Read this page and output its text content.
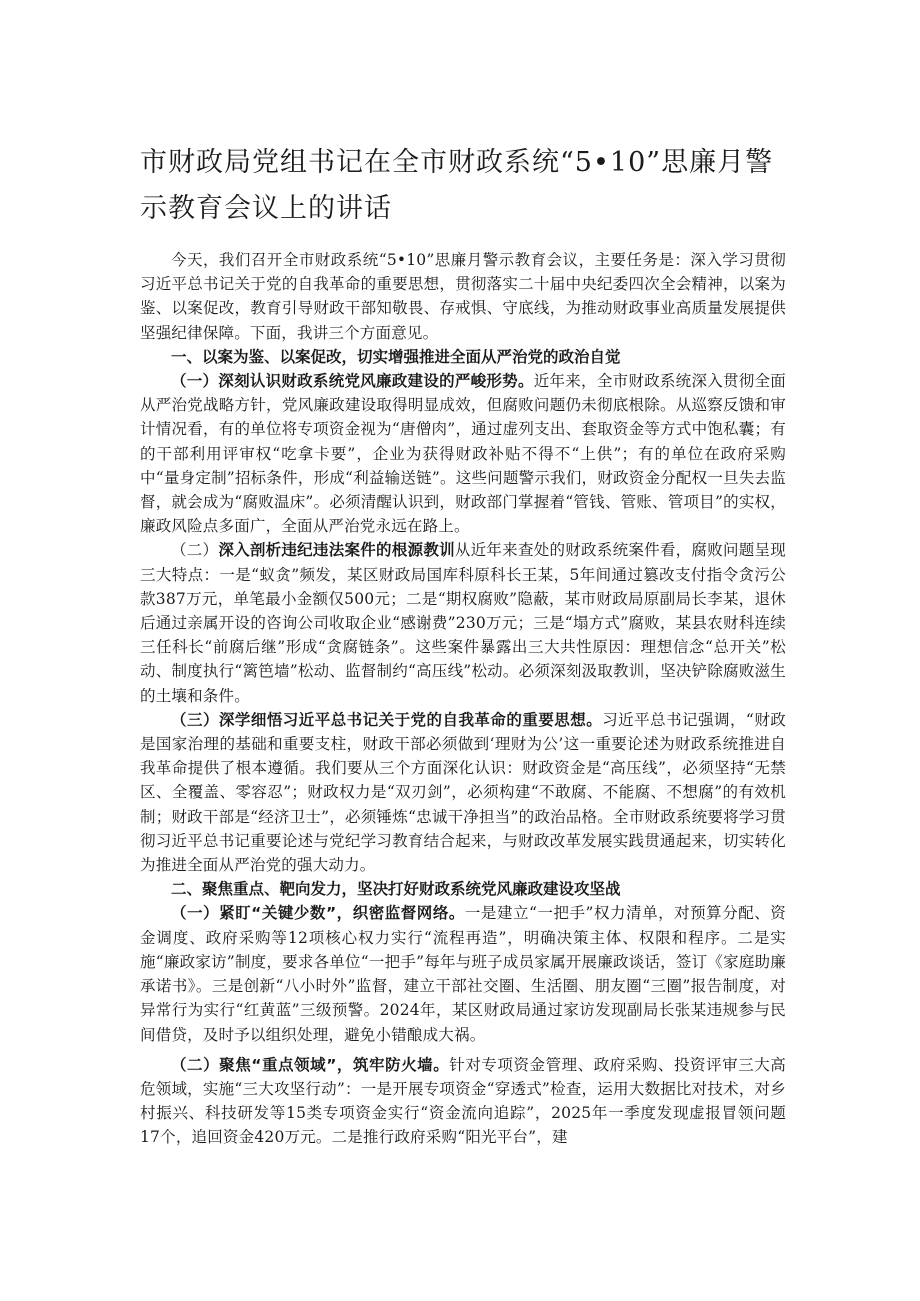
市财政局党组书记在全市财政系统“5•10”思廉月警示教育会议上的讲话

今天，我们召开全市财政系统“5•10”思廉月警示教育会议，主要任务是：深入学习贯彻习近平总书记关于党的自我革命的重要思想，贯彻落实二十届中央纪委四次全会精神，以案为鉴、以案促改，教育引导财政干部知敬畏、存戒惧、守底线，为推动财政事业高质量发展提供坚强纪律保障。下面，我讲三个方面意见。

一、以案为鉴、以案促改，切实增强推进全面从严治党的政治自觉

（一）深刻认识财政系统党风廉政建设的严峻形势。近年来，全市财政系统深入贯彻全面从严治党战略方针，党风廉政建设取得明显成效，但腐败问题仍未彻底根除。从巡察反馈和审计情况看，有的单位将专项资金视为“唐僧肉”，通过虚列支出、套取资金等方式中饱私囊；有的干部利用评审权“吃拿卡要”，企业为获得财政补贴不得不“上供”；有的单位在政府采购中“量身定制”招标条件，形成“利益输送链”。这些问题警示我们，财政资金分配权一旦失去监督，就会成为“腐败温床”。必须清醒认识到，财政部门掌握着“管钱、管账、管项目”的实权，廉政风险点多面广，全面从严治党永远在路上。

（二）深入剖析违纪违法案件的根源教训从近年来查处的财政系统案件看，腐败问题呈现三大特点：一是“蚁贪”频发，某区财政局国库科原科长王某，5年间通过篡改支付指令贪污公款387万元，单笔最小金额仅500元；二是“期权腐败”隐蔽，某市财政局原副局长李某，退休后通过亲属开设的咨询公司收取企业“感谢费”230万元；三是“塌方式”腐败，某县农财科连续三任科长“前腐后继”形成“贪腐链条”。这些案件暴露出三大共性原因：理想信念“总开关”松动、制度执行“篱笆墙”松动、监督制约“高压线”松动。必须深刻汲取教训，坚决铲除腐败滋生的土壤和条件。

（三）深学细悟习近平总书记关于党的自我革命的重要思想。习近平总书记强调，“财政是国家治理的基础和重要支柱，财政干部必须做到‘理财为公’这一重要论述为财政系统推进自我革命提供了根本遵循。我们要从三个方面深化认识：财政资金是“高压线”，必须坚持“无禁区、全覆盖、零容忍”；财政权力是“双刃剑”，必须构建“不敢腐、不能腐、不想腐”的有效机制；财政干部是“经济卫士”，必须锤炼“忠诚干净担当”的政治品格。全市财政系统要将学习贯彻习近平总书记重要论述与党纪学习教育结合起来，与财政改革发展实践贯通起来，切实转化为推进全面从严治党的强大动力。

二、聚焦重点、靶向发力，坚决打好财政系统党风廉政建设攻坚战

（一）紧盯“关键少数”，织密监督网络。一是建立“一把手”权力清单，对预算分配、资金调度、政府采购等12项核心权力实行“流程再造”，明确决策主体、权限和程序。二是实施“廉政家访”制度，要求各单位“一把手”每年与班子成员家属开展廉政谈话，签订《家庭助廉承诺书》。三是创新“八小时外”监督，建立干部社交圈、生活圈、朋友圈“三圈”报告制度，对异常行为实行“红黄蓝”三级预警。2024年，某区财政局通过家访发现副局长张某违规参与民间借贷，及时予以组织处理，避免小错酿成大祸。

（二）聚焦“重点领域”，筑牢防火墙。针对专项资金管理、政府采购、投资评审三大高危领域，实施“三大攻坚行动”：一是开展专项资金“穿透式”检查，运用大数据比对技术，对乡村振兴、科技研发等15类专项资金实行“资金流向追踪”，2025年一季度发现虚报冒领问题17个，追回资金420万元。二是推行政府采购“阳光平台”，建
